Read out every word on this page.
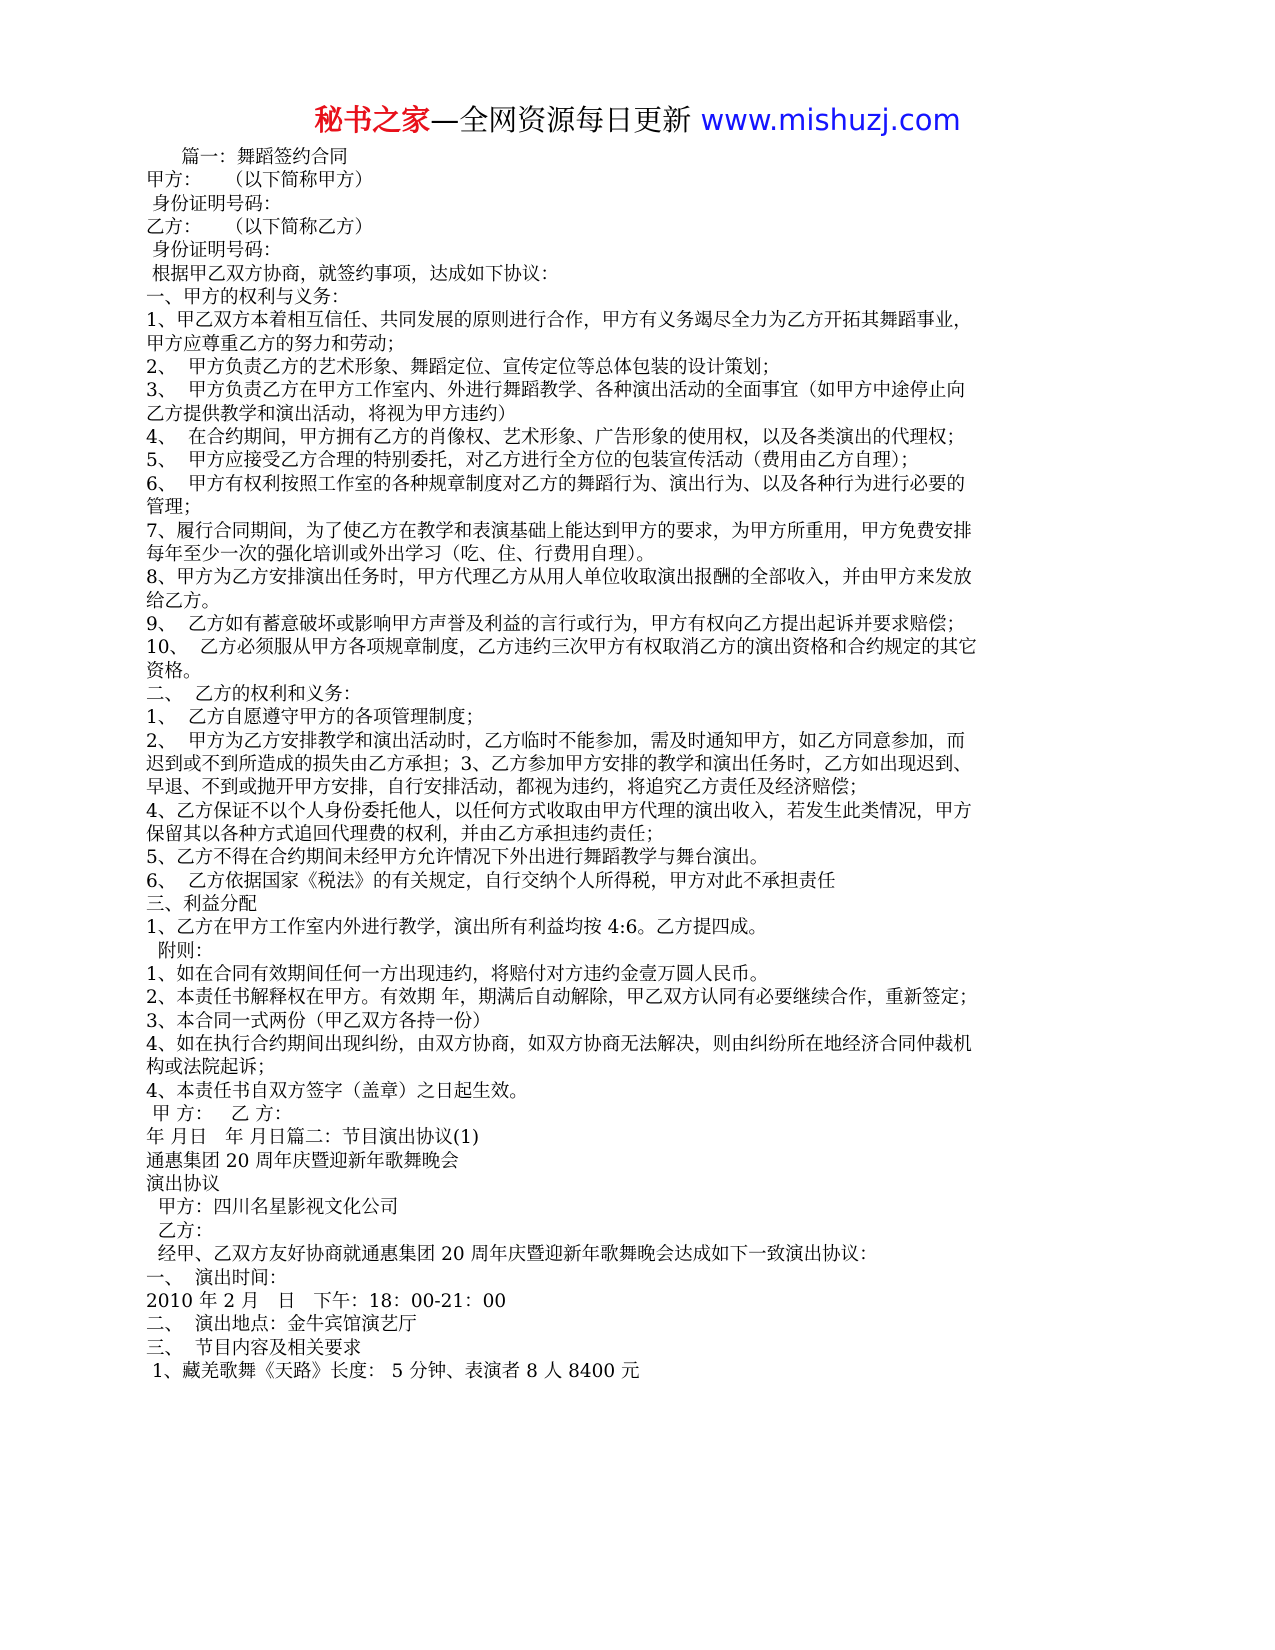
秘书之家—全网资源每日更新 www.mishuzj.com
篇一：舞蹈签约合同
甲方：    （以下简称甲方）
身份证明号码：
乙方：    （以下简称乙方）
身份证明号码：
根据甲乙双方协商，就签约事项，达成如下协议：
一、甲方的权利与义务：
1、甲乙双方本着相互信任、共同发展的原则进行合作，甲方有义务竭尽全力为乙方开拓其舞蹈事业，
甲方应尊重乙方的努力和劳动；
2、  甲方负责乙方的艺术形象、舞蹈定位、宣传定位等总体包装的设计策划；
3、  甲方负责乙方在甲方工作室内、外进行舞蹈教学、各种演出活动的全面事宜（如甲方中途停止向
乙方提供教学和演出活动，将视为甲方违约）
4、  在合约期间，甲方拥有乙方的肖像权、艺术形象、广告形象的使用权，以及各类演出的代理权；
5、  甲方应接受乙方合理的特别委托，对乙方进行全方位的包装宣传活动（费用由乙方自理）；
6、  甲方有权利按照工作室的各种规章制度对乙方的舞蹈行为、演出行为、以及各种行为进行必要的
管理；
7、履行合同期间，为了使乙方在教学和表演基础上能达到甲方的要求，为甲方所重用，甲方免费安排
每年至少一次的强化培训或外出学习（吃、住、行费用自理）。
8、甲方为乙方安排演出任务时，甲方代理乙方从用人单位收取演出报酬的全部收入，并由甲方来发放
给乙方。
9、  乙方如有蓄意破坏或影响甲方声誉及利益的言行或行为，甲方有权向乙方提出起诉并要求赔偿；
10、  乙方必须服从甲方各项规章制度，乙方违约三次甲方有权取消乙方的演出资格和合约规定的其它
资格。
二、  乙方的权利和义务：
1、  乙方自愿遵守甲方的各项管理制度；
2、  甲方为乙方安排教学和演出活动时，乙方临时不能参加，需及时通知甲方，如乙方同意参加，而
迟到或不到所造成的损失由乙方承担；3、乙方参加甲方安排的教学和演出任务时，乙方如出现迟到、
早退、不到或抛开甲方安排，自行安排活动，都视为违约，将追究乙方责任及经济赔偿；
4、乙方保证不以个人身份委托他人，以任何方式收取由甲方代理的演出收入，若发生此类情况，甲方
保留其以各种方式追回代理费的权利，并由乙方承担违约责任；
5、乙方不得在合约期间未经甲方允许情况下外出进行舞蹈教学与舞台演出。
6、  乙方依据国家《税法》的有关规定，自行交纳个人所得税，甲方对此不承担责任
三、利益分配
1、乙方在甲方工作室内外进行教学，演出所有利益均按 4:6。乙方提四成。
附则：
1、如在合同有效期间任何一方出现违约，将赔付对方违约金壹万圆人民币。
2、本责任书解释权在甲方。有效期 年，期满后自动解除，甲乙双方认同有必要继续合作，重新签定；
3、本合同一式两份（甲乙双方各持一份）
4、如在执行合约期间出现纠纷，由双方协商，如双方协商无法解决，则由纠纷所在地经济合同仲裁机
构或法院起诉；
4、本责任书自双方签字（盖章）之日起生效。
甲 方：   乙 方：
年 月日   年 月日篇二：节目演出协议(1)
通惠集团 20 周年庆暨迎新年歌舞晚会
演出协议
甲方：四川名星影视文化公司
乙方：
经甲、乙双方友好协商就通惠集团 20 周年庆暨迎新年歌舞晚会达成如下一致演出协议：
一、  演出时间：
2010 年 2 月   日   下午：18：00-21：00
二、  演出地点：金牛宾馆演艺厅
三、  节目内容及相关要求
1、藏羌歌舞《天路》长度： 5 分钟、表演者 8 人 8400 元
